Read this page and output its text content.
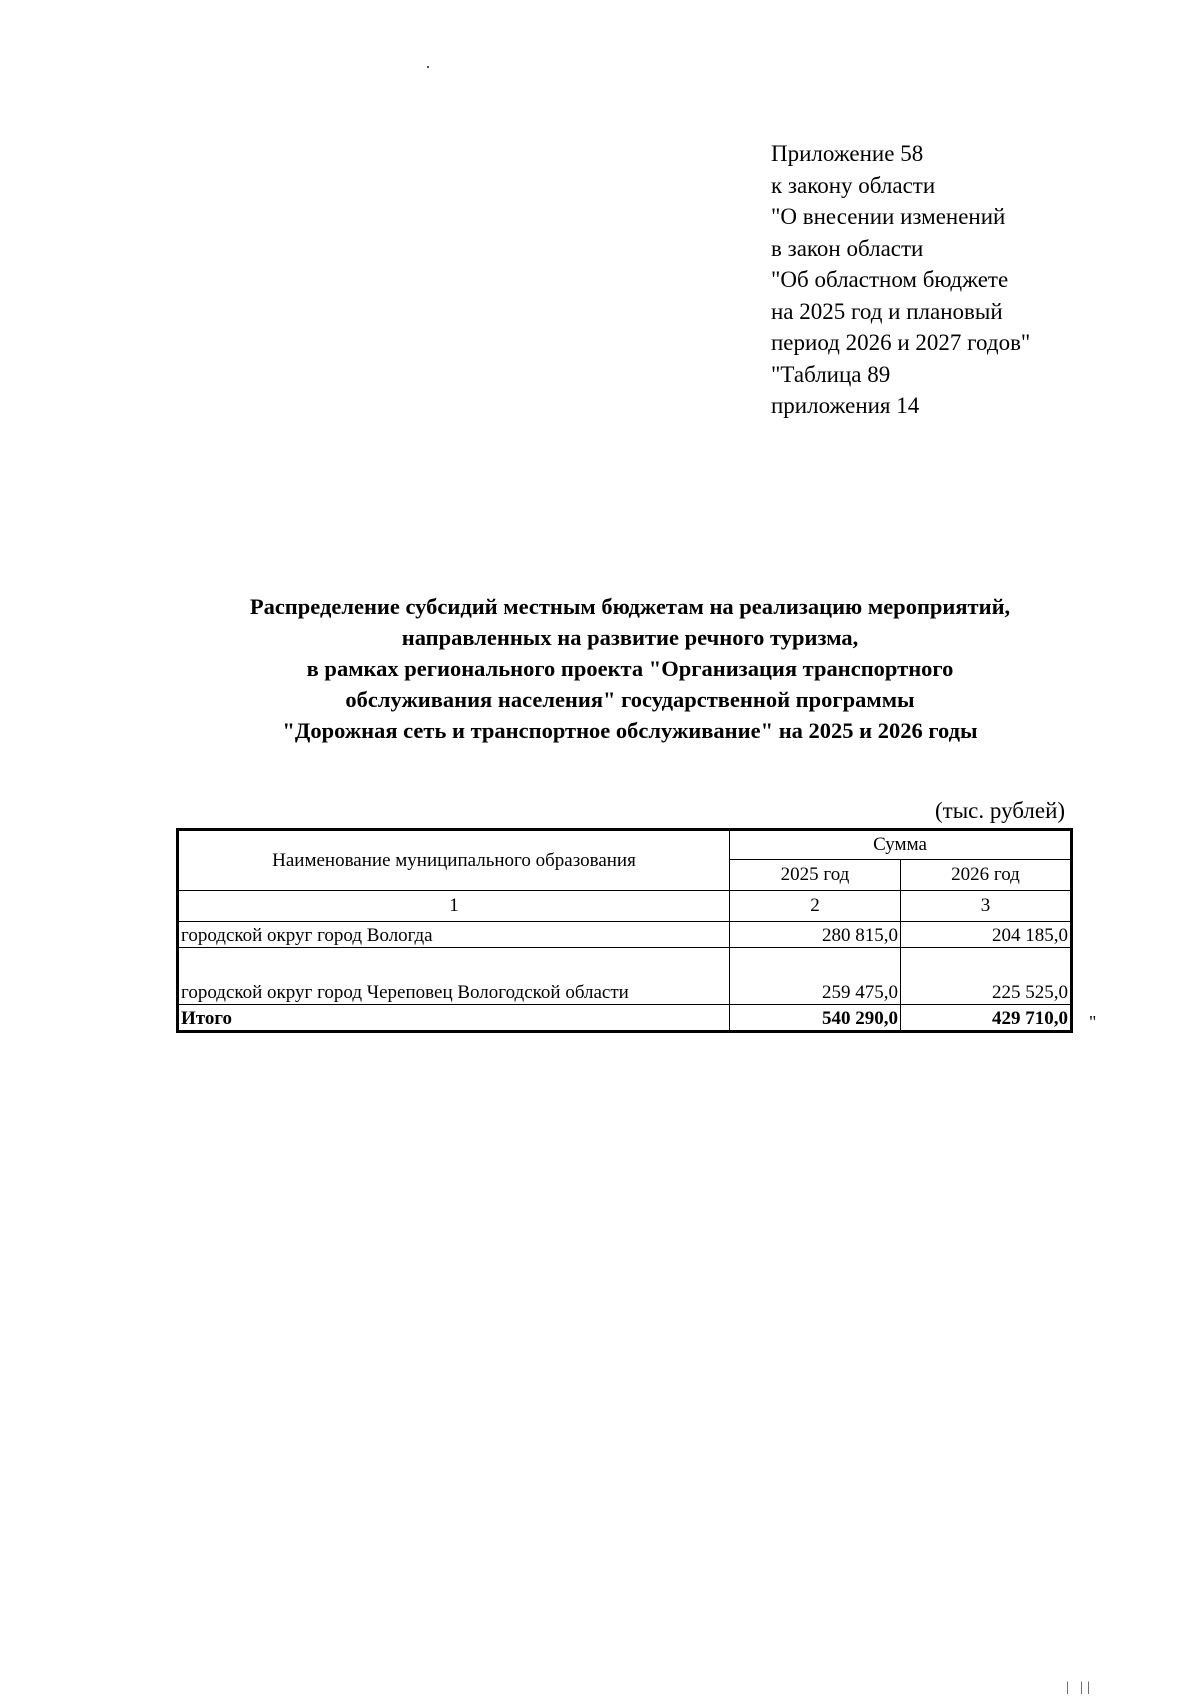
Приложение 58
к закону области
"О внесении изменений
в закон области
"Об областном бюджете
на 2025 год и плановый
период 2026 и 2027 годов"
"Таблица 89
приложения 14
Распределение субсидий местным бюджетам на реализацию мероприятий,
направленных на развитие речного туризма,
в рамках регионального проекта "Организация транспортного
обслуживания населения" государственной программы
"Дорожная сеть и транспортное обслуживание" на 2025 и 2026 годы
(тыс. рублей)
Наименование муниципального образования	Сумма	
	2025 год	2026 год
1	2	3
городской округ город Вологда	280 815,0	204 185,0
городской округ город Череповец Вологодской области	259 475,0	225 525,0
Итого	540 290,0	429 710,0 "
| ||
